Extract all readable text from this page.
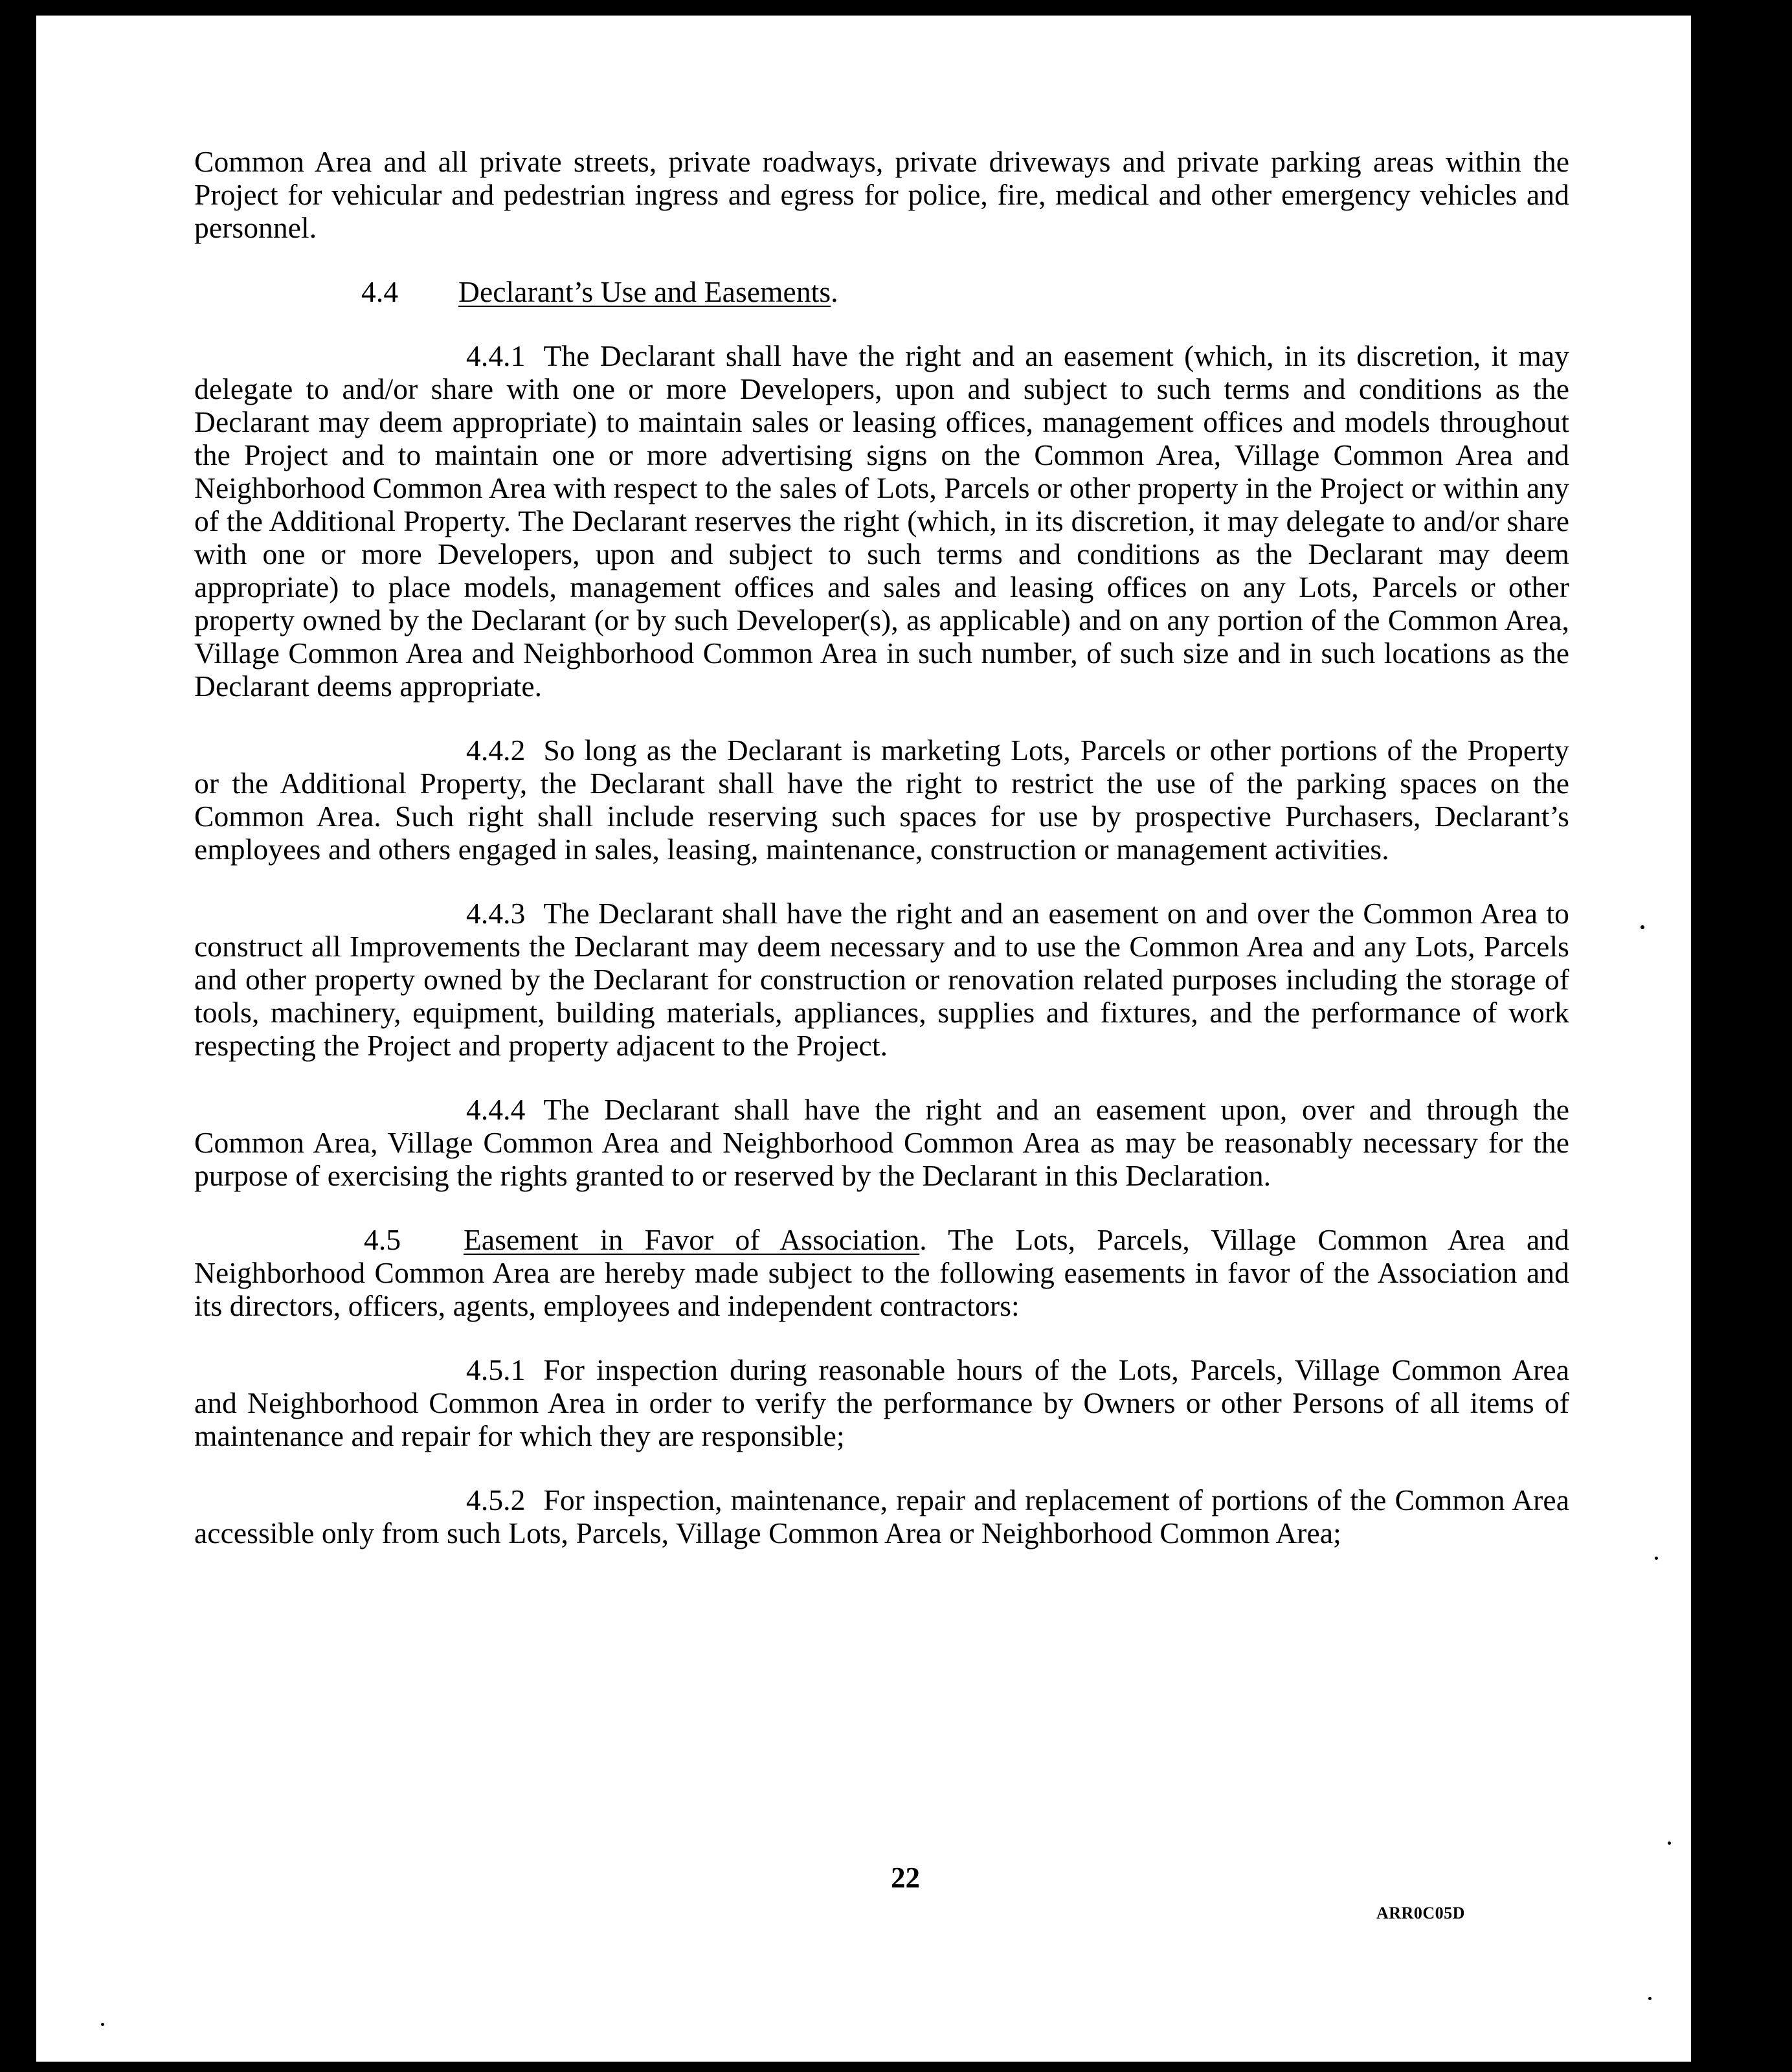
Common Area and all private streets, private roadways, private driveways and private parking areas within the Project for vehicular and pedestrian ingress and egress for police, fire, medical and other emergency vehicles and personnel.

4.4 Declarant’s Use and Easements.

4.4.1 The Declarant shall have the right and an easement (which, in its discretion, it may delegate to and/or share with one or more Developers, upon and subject to such terms and conditions as the Declarant may deem appropriate) to maintain sales or leasing offices, management offices and models throughout the Project and to maintain one or more advertising signs on the Common Area, Village Common Area and Neighborhood Common Area with respect to the sales of Lots, Parcels or other property in the Project or within any of the Additional Property. The Declarant reserves the right (which, in its discretion, it may delegate to and/or share with one or more Developers, upon and subject to such terms and conditions as the Declarant may deem appropriate) to place models, management offices and sales and leasing offices on any Lots, Parcels or other property owned by the Declarant (or by such Developer(s), as applicable) and on any portion of the Common Area, Village Common Area and Neighborhood Common Area in such number, of such size and in such locations as the Declarant deems appropriate.

4.4.2 So long as the Declarant is marketing Lots, Parcels or other portions of the Property or the Additional Property, the Declarant shall have the right to restrict the use of the parking spaces on the Common Area. Such right shall include reserving such spaces for use by prospective Purchasers, Declarant’s employees and others engaged in sales, leasing, maintenance, construction or management activities.

4.4.3 The Declarant shall have the right and an easement on and over the Common Area to construct all Improvements the Declarant may deem necessary and to use the Common Area and any Lots, Parcels and other property owned by the Declarant for construction or renovation related purposes including the storage of tools, machinery, equipment, building materials, appliances, supplies and fixtures, and the performance of work respecting the Project and property adjacent to the Project.

4.4.4 The Declarant shall have the right and an easement upon, over and through the Common Area, Village Common Area and Neighborhood Common Area as may be reasonably necessary for the purpose of exercising the rights granted to or reserved by the Declarant in this Declaration.

4.5 Easement in Favor of Association. The Lots, Parcels, Village Common Area and Neighborhood Common Area are hereby made subject to the following easements in favor of the Association and its directors, officers, agents, employees and independent contractors:

4.5.1 For inspection during reasonable hours of the Lots, Parcels, Village Common Area and Neighborhood Common Area in order to verify the performance by Owners or other Persons of all items of maintenance and repair for which they are responsible;

4.5.2 For inspection, maintenance, repair and replacement of portions of the Common Area accessible only from such Lots, Parcels, Village Common Area or Neighborhood Common Area;

22
ARR0C05D
